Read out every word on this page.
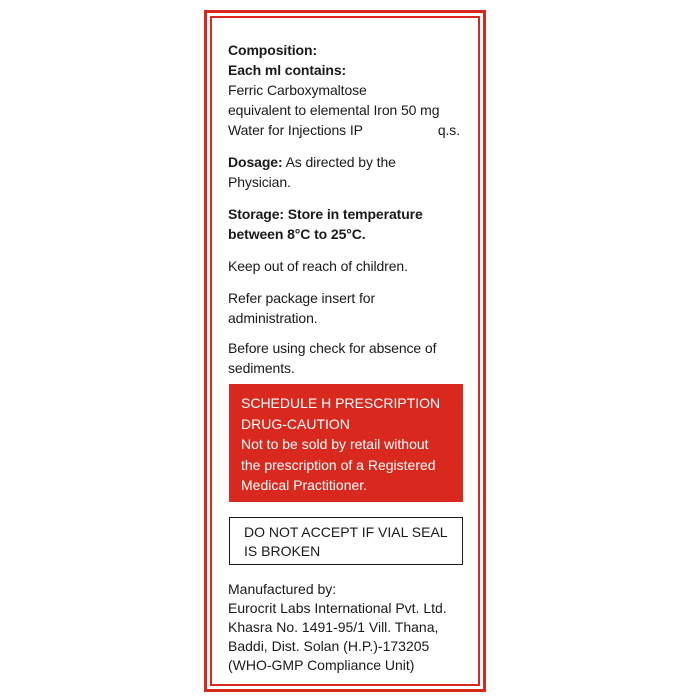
Composition:
Each ml contains:
Ferric Carboxymaltose
equivalent to elemental Iron 50 mg
Water for Injections IP	q.s.
Dosage: As directed by the
Physician.
Storage: Store in temperature
between 8°C to 25°C.
Keep out of reach of children.
Refer package insert for
administration.
Before using check for absence of
sediments.
SCHEDULE H PRESCRIPTION
DRUG-CAUTION
Not to be sold by retail without
the prescription of a Registered
Medical Practitioner.
DO NOT ACCEPT IF VIAL SEAL
IS BROKEN
Manufactured by:
Eurocrit Labs International Pvt. Ltd.
Khasra No. 1491-95/1 Vill. Thana,
Baddi, Dist. Solan (H.P.)-173205
(WHO-GMP Compliance Unit)
